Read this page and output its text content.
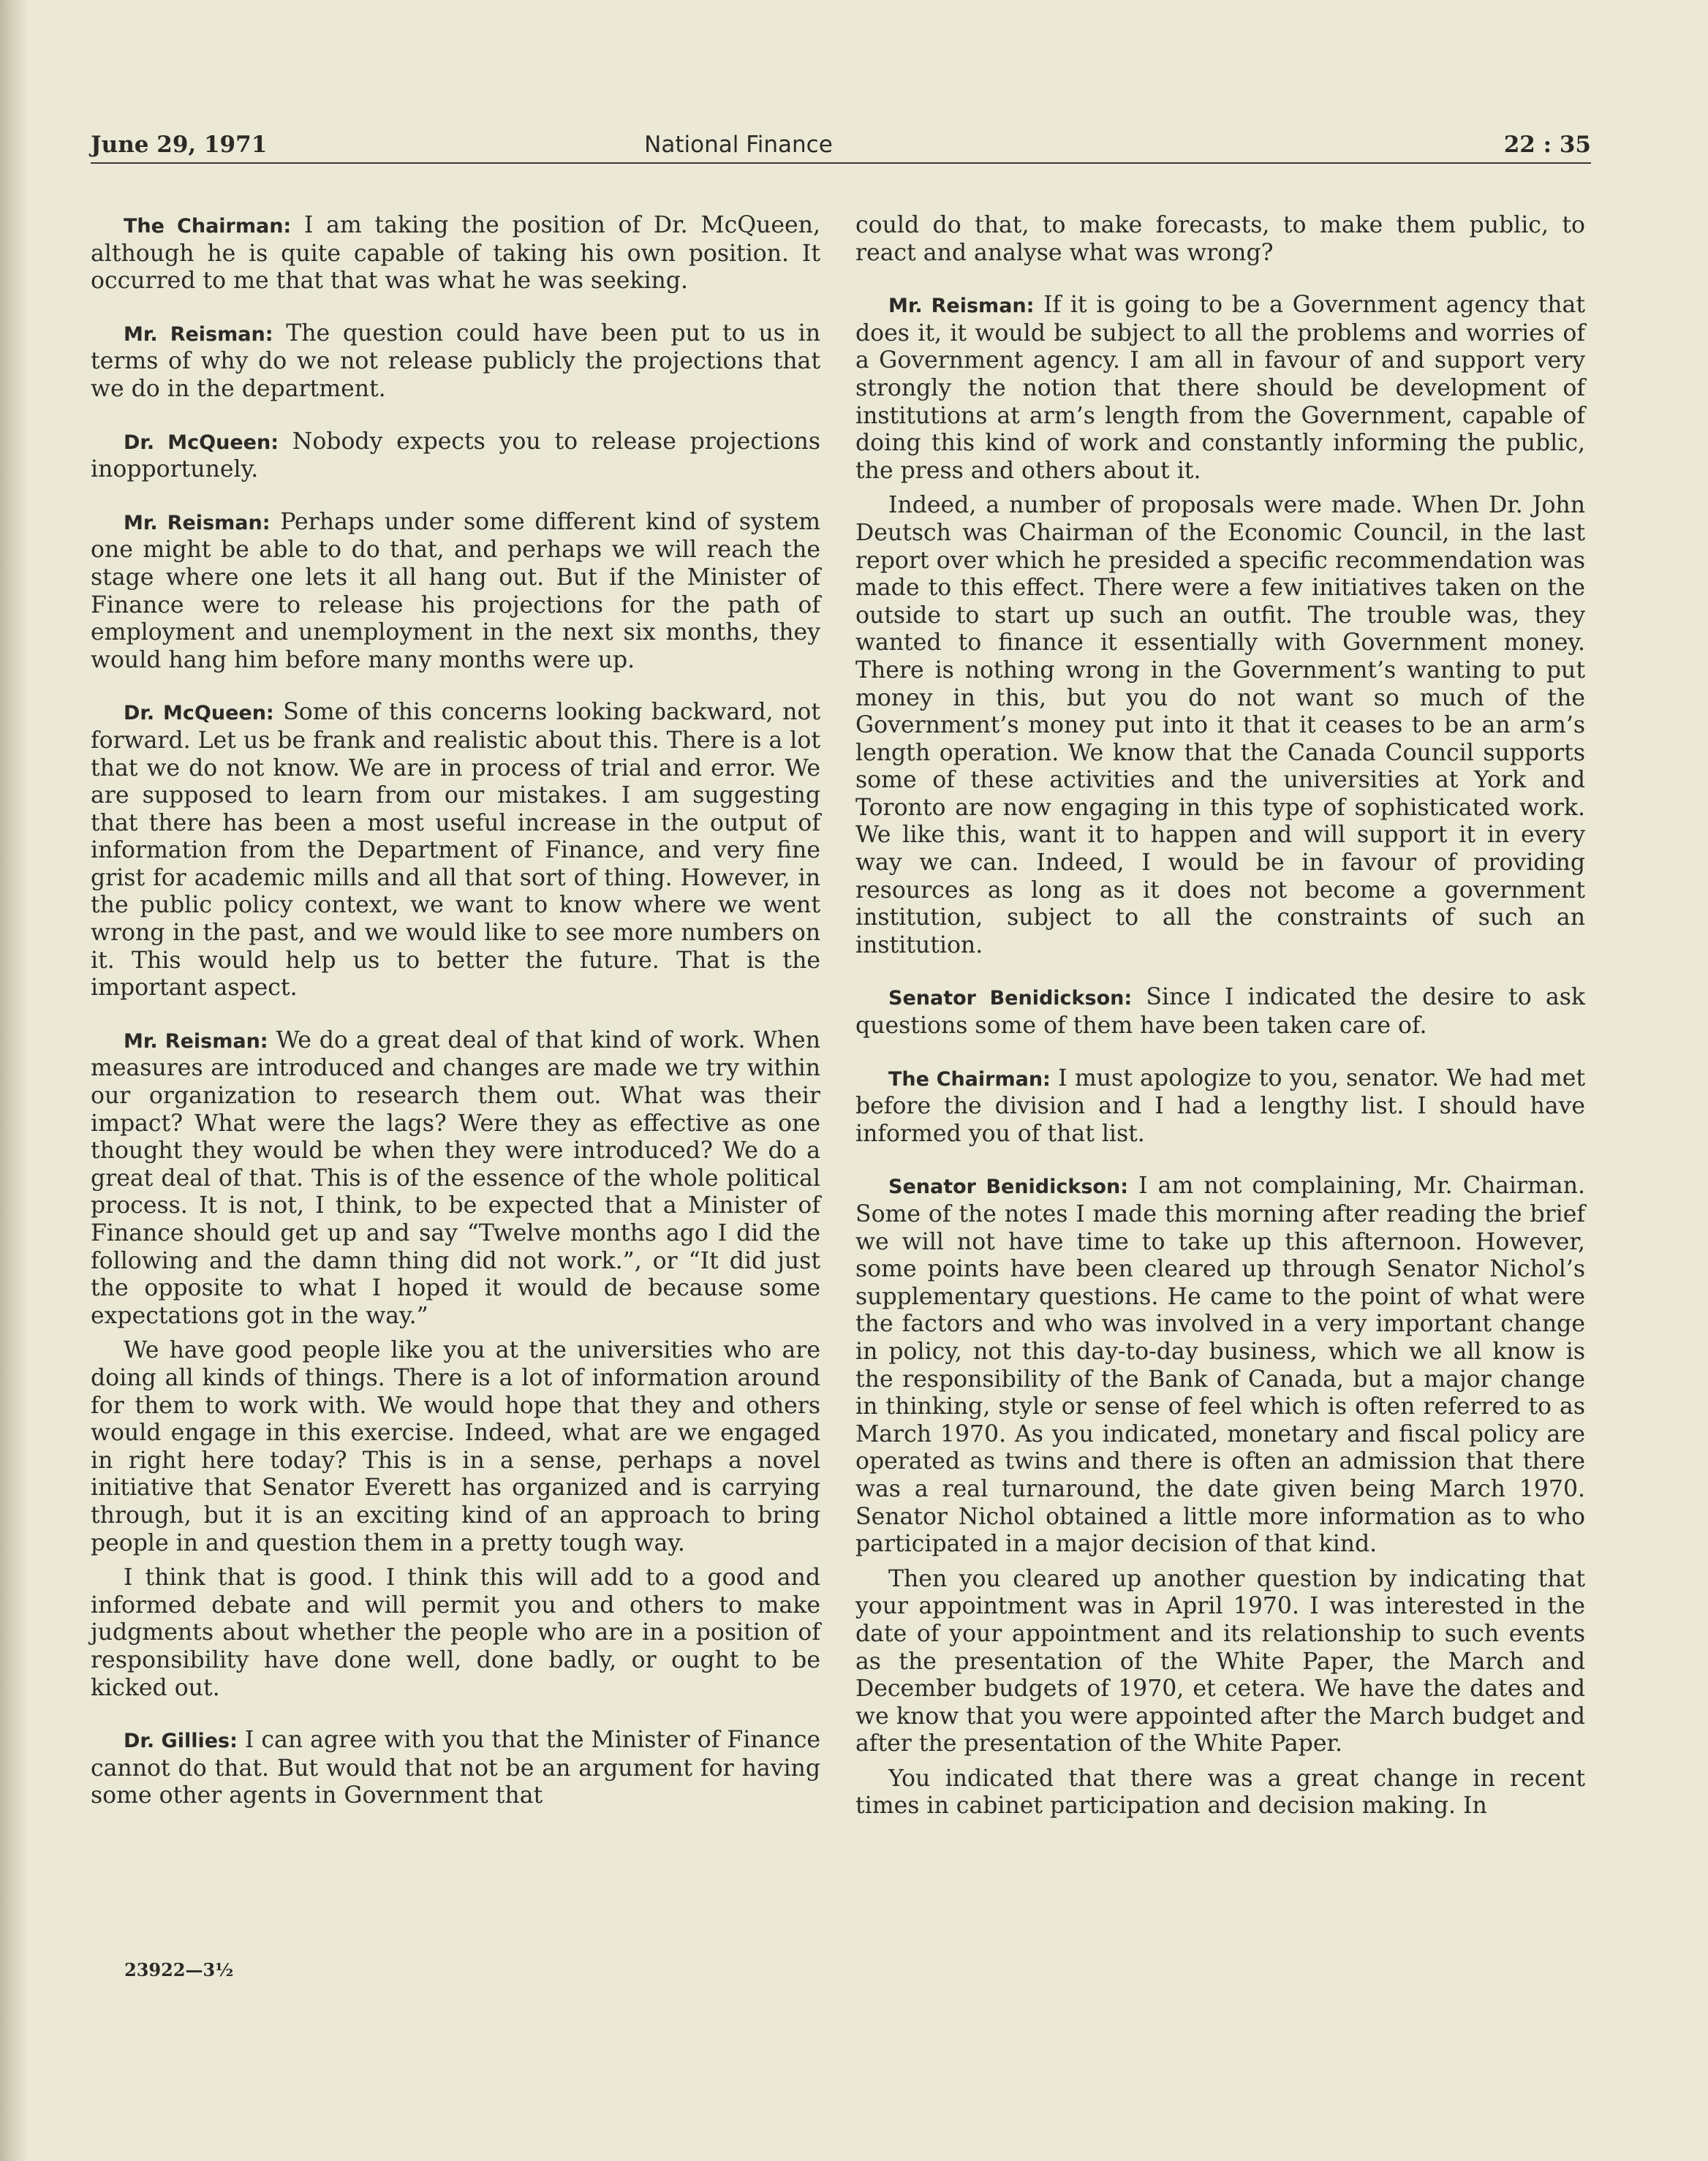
June 29, 1971	National Finance	22 : 35

The Chairman: I am taking the position of Dr. McQueen, although he is quite capable of taking his own position. It occurred to me that that was what he was seeking.

Mr. Reisman: The question could have been put to us in terms of why do we not release publicly the projections that we do in the department.

Dr. McQueen: Nobody expects you to release projections inopportunely.

Mr. Reisman: Perhaps under some different kind of system one might be able to do that, and perhaps we will reach the stage where one lets it all hang out. But if the Minister of Finance were to release his projections for the path of employment and unemployment in the next six months, they would hang him before many months were up.

Dr. McQueen: Some of this concerns looking backward, not forward. Let us be frank and realistic about this. There is a lot that we do not know. We are in process of trial and error. We are supposed to learn from our mistakes. I am suggesting that there has been a most useful increase in the output of information from the Department of Finance, and very fine grist for academic mills and all that sort of thing. However, in the public policy context, we want to know where we went wrong in the past, and we would like to see more numbers on it. This would help us to better the future. That is the important aspect.

Mr. Reisman: We do a great deal of that kind of work. When measures are introduced and changes are made we try within our organization to research them out. What was their impact? What were the lags? Were they as effective as one thought they would be when they were introduced? We do a great deal of that. This is of the essence of the whole political process. It is not, I think, to be expected that a Minister of Finance should get up and say “Twelve months ago I did the following and the damn thing did not work.”, or “It did just the opposite to what I hoped it would de because some expectations got in the way.”

We have good people like you at the universities who are doing all kinds of things. There is a lot of information around for them to work with. We would hope that they and others would engage in this exercise. Indeed, what are we engaged in right here today? This is in a sense, perhaps a novel initiative that Senator Everett has organized and is carrying through, but it is an exciting kind of an approach to bring people in and question them in a pretty tough way.

I think that is good. I think this will add to a good and informed debate and will permit you and others to make judgments about whether the people who are in a position of responsibility have done well, done badly, or ought to be kicked out.

Dr. Gillies: I can agree with you that the Minister of Finance cannot do that. But would that not be an argument for having some other agents in Government that

could do that, to make forecasts, to make them public, to react and analyse what was wrong?

Mr. Reisman: If it is going to be a Government agency that does it, it would be subject to all the problems and worries of a Government agency. I am all in favour of and support very strongly the notion that there should be development of institutions at arm’s length from the Government, capable of doing this kind of work and constantly informing the public, the press and others about it.

Indeed, a number of proposals were made. When Dr. John Deutsch was Chairman of the Economic Council, in the last report over which he presided a specific recommendation was made to this effect. There were a few initiatives taken on the outside to start up such an outfit. The trouble was, they wanted to finance it essentially with Government money. There is nothing wrong in the Government’s wanting to put money in this, but you do not want so much of the Government’s money put into it that it ceases to be an arm’s length operation. We know that the Canada Council supports some of these activities and the universities at York and Toronto are now engaging in this type of sophisticated work. We like this, want it to happen and will support it in every way we can. Indeed, I would be in favour of providing resources as long as it does not become a government institution, subject to all the constraints of such an institution.

Senator Benidickson: Since I indicated the desire to ask questions some of them have been taken care of.

The Chairman: I must apologize to you, senator. We had met before the division and I had a lengthy list. I should have informed you of that list.

Senator Benidickson: I am not complaining, Mr. Chairman. Some of the notes I made this morning after reading the brief we will not have time to take up this afternoon. However, some points have been cleared up through Senator Nichol’s supplementary questions. He came to the point of what were the factors and who was involved in a very important change in policy, not this day-to-day business, which we all know is the responsibility of the Bank of Canada, but a major change in thinking, style or sense of feel which is often referred to as March 1970. As you indicated, monetary and fiscal policy are operated as twins and there is often an admission that there was a real turnaround, the date given being March 1970. Senator Nichol obtained a little more information as to who participated in a major decision of that kind.

Then you cleared up another question by indicating that your appointment was in April 1970. I was interested in the date of your appointment and its relationship to such events as the presentation of the White Paper, the March and December budgets of 1970, et cetera. We have the dates and we know that you were appointed after the March budget and after the presentation of the White Paper.

You indicated that there was a great change in recent times in cabinet participation and decision making. In

23922—3½
